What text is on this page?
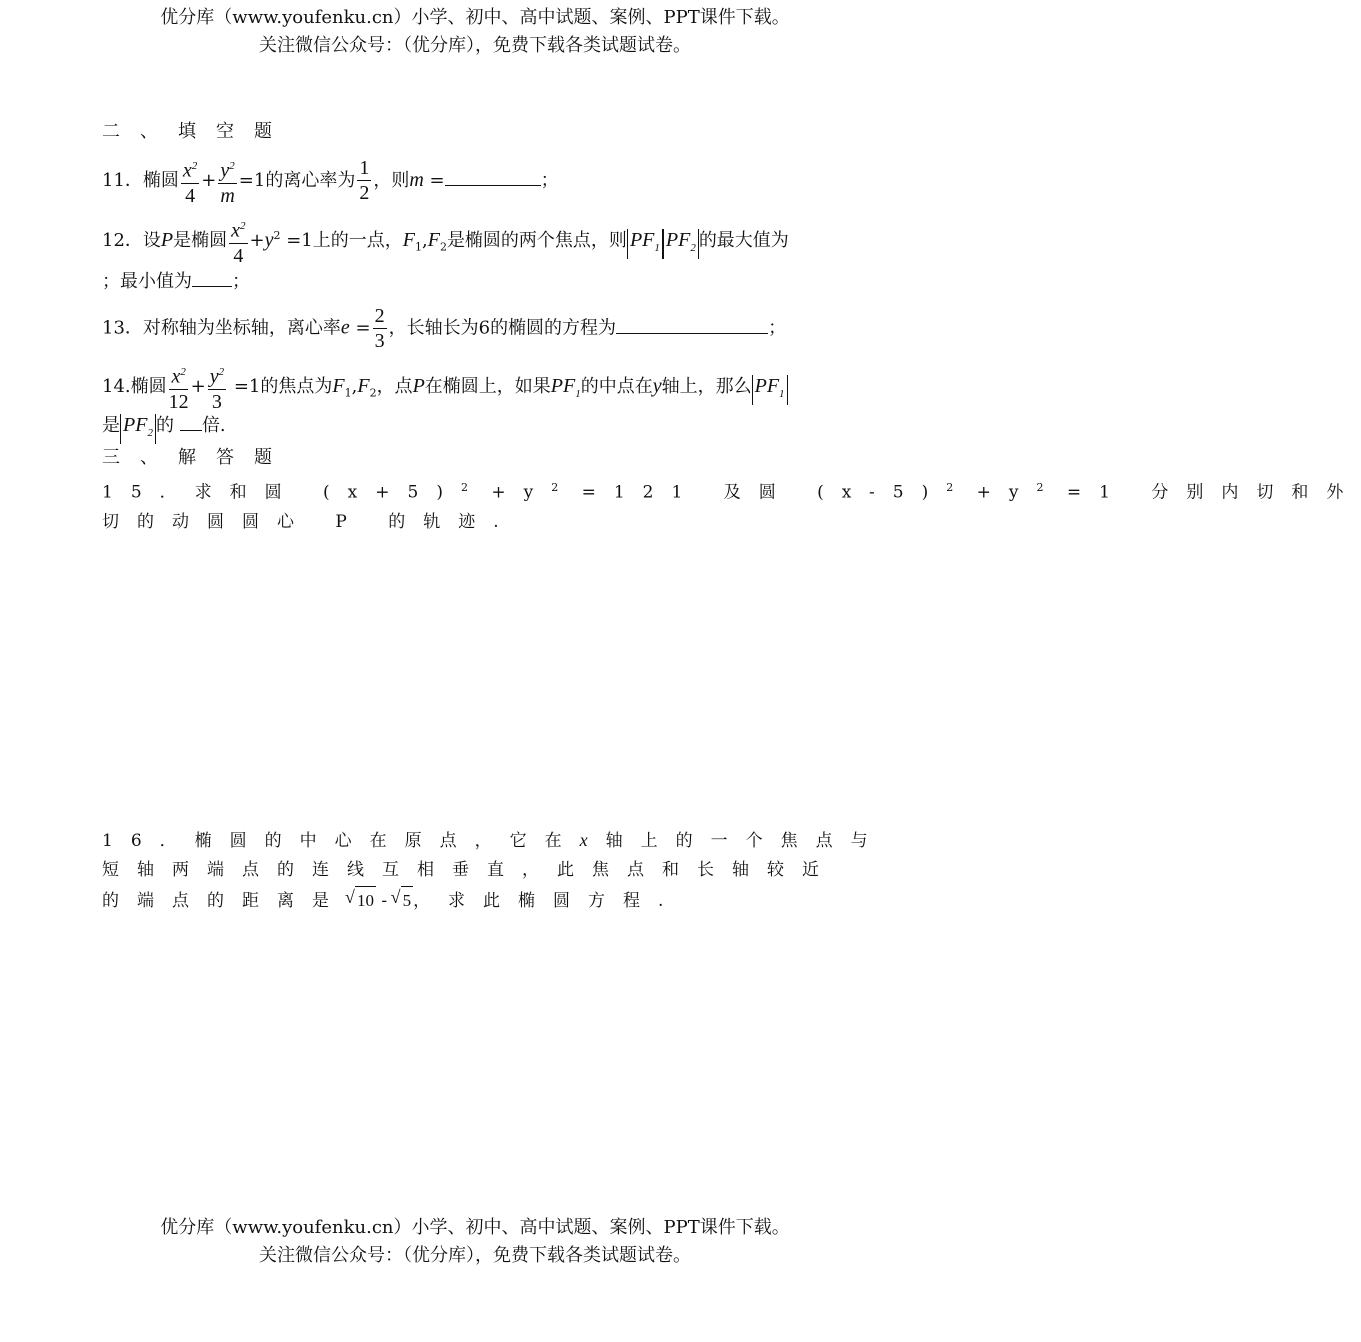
优分库（www.youfenku.cn）小学、初中、高中试题、案例、PPT课件下载。
关注微信公众号：（优分库），免费下载各类试题试卷。
二、填空题
11．椭圆 $\frac{x^2}{4} + \frac{y^2}{m} =1$的离心率为 $\frac{1}{2}$ ，则m =	；
12．设P是椭圆 $\frac{x^2}{4} +y^2 =1$上的一点，$F_1,F_2$是椭圆的两个焦点，则 $PF_1$ $PF_2$ 的最大值为
；最小值为 ；
13．对称轴为坐标轴，离心率$e = \frac{2}{3}$ ，长轴长为6的椭圆的方程为	；
14.椭圆 $\frac{x^2}{12} + \frac{y^2}{3} =1$的焦点为$F_1,F_2$，点P在椭圆上，如果$PF_1$的中点在y轴上，那么 $PF_1$
是 $PF_2$ 的 倍.
三、解答题
15．求和圆 $(x+5)^2 +y^2 =121$ 及圆 $(x-5)^2 +y^2 =1$ 分别内切和外
切的动圆圆心 P 的轨迹.
16．椭圆的中心在原点，它在x轴上的一个焦点与
短轴两端点的连线互相垂直，此焦点和长轴较近
的端点的距离是√ 10 - √ 5 ，求此椭圆方程.
优分库（www.youfenku.cn）小学、初中、高中试题、案例、PPT课件下载。
关注微信公众号：（优分库），免费下载各类试题试卷。
